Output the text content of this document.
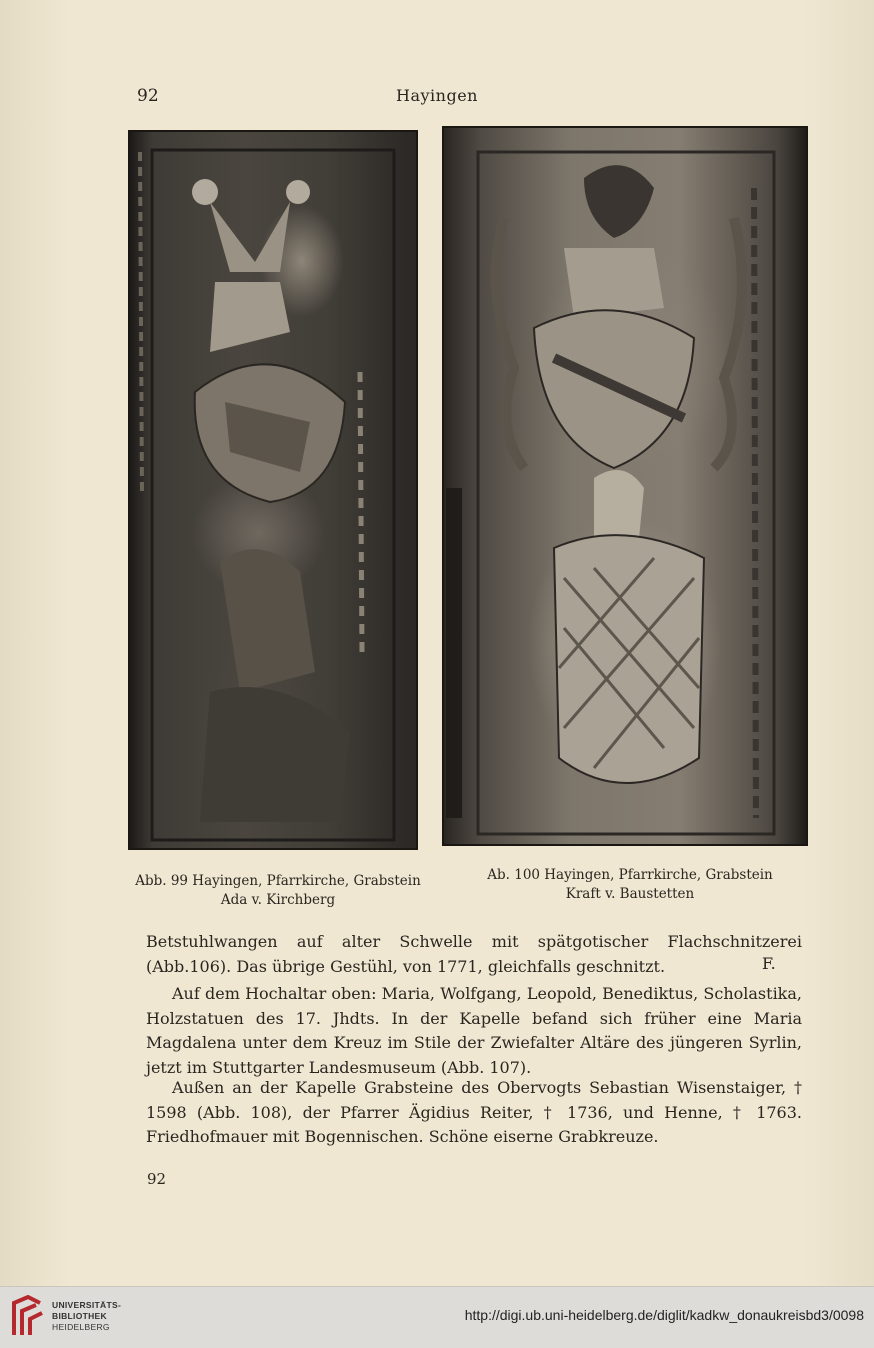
92	Hayingen
Abb. 99 Hayingen, Pfarrkirche, Grabstein
Ada v. Kirchberg
Ab. 100 Hayingen, Pfarrkirche, Grabstein
Kraft v. Baustetten

Betstuhlwangen auf alter Schwelle mit spätgotischer Flachschnitzerei (Abb.106). Das übrige Gestühl, von 1771, gleichfalls geschnitzt.	F.

Auf dem Hochaltar oben: Maria, Wolfgang, Leopold, Benediktus, Scholastika, Holzstatuen des 17. Jhdts. In der Kapelle befand sich früher eine Maria Magdalena unter dem Kreuz im Stile der Zwiefalter Altäre des jüngeren Syrlin, jetzt im Stuttgarter Landesmuseum (Abb. 107).

Außen an der Kapelle Grabsteine des Obervogts Sebastian Wisenstaiger, † 1598 (Abb. 108), der Pfarrer Ägidius Reiter, † 1736, und Henne, † 1763. Friedhofmauer mit Bogennischen. Schöne eiserne Grabkreuze.

92
UNIVERSITÄTS-
BIBLIOTHEK
HEIDELBERG
http://digi.ub.uni-heidelberg.de/diglit/kadkw_donaukreisbd3/0098
